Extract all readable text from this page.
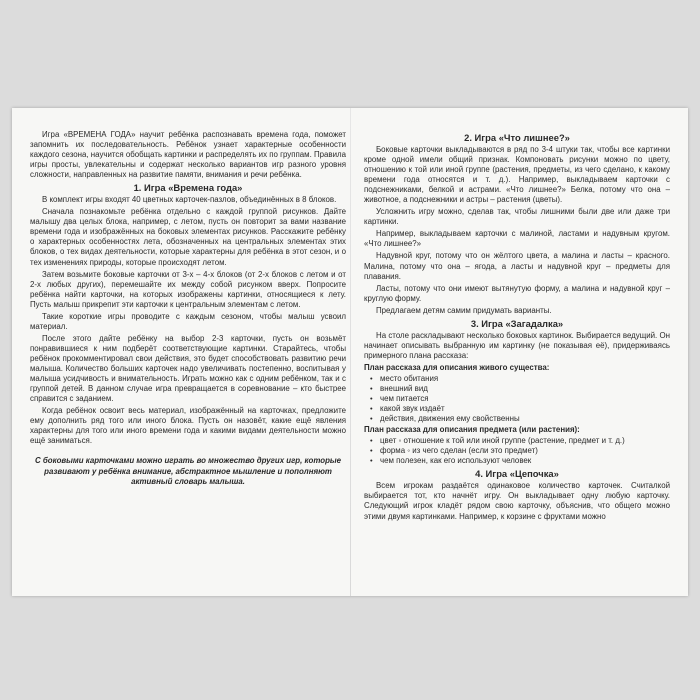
Игра «ВРЕМЕНА ГОДА» научит ребёнка распознавать времена года, поможет запомнить их последовательность. Ребёнок узнает характерные особенности каждого сезона, научится обобщать картинки и распределять их по группам. Правила игры просты, увлекательны и содержат несколько вариантов игр разного уровня сложности, направленных на развитие памяти, внимания и речи ребёнка.

1. Игра «Времена года»

В комплект игры входят 40 цветных карточек-пазлов, объединённых в 8 блоков.

Сначала познакомьте ребёнка отдельно с каждой группой рисунков. Дайте малышу два целых блока, например, с летом, пусть он повторит за вами название времени года и изображённых на боковых элементах рисунков. Расскажите ребёнку о характерных особенностях лета, обозначенных на центральных элементах этих блоков, о тех видах деятельности, которые характерны для ребёнка в этот сезон, и о тех изменениях природы, которые происходят летом.

Затем возьмите боковые карточки от 3-х – 4-х блоков (от 2-х блоков с летом и от 2-х любых других), перемешайте их между собой рисунком вверх. Попросите ребёнка найти карточки, на которых изображены картинки, относящиеся к лету. Пусть малыш прикрепит эти карточки к центральным элементам с летом.

Такие короткие игры проводите с каждым сезоном, чтобы малыш усвоил материал.

После этого дайте ребёнку на выбор 2-3 карточки, пусть он возьмёт понравившиеся к ним подберёт соответствующие картинки. Старайтесь, чтобы ребёнок прокомментировал свои действия, это будет способствовать развитию речи малыша. Количество больших карточек надо увеличивать постепенно, воспитывая у малыша усидчивость и внимательность. Играть можно как с одним ребёнком, так и с группой детей. В данном случае игра превращается в соревнование – кто быстрее справится с заданием.

Когда ребёнок освоит весь материал, изображённый на карточках, предложите ему дополнить ряд того или иного блока. Пусть он назовёт, какие ещё явления характерны для того или иного времени года и какими видами деятельности можно ещё заниматься.

С боковыми карточками можно играть во множество других игр, которые развивают у ребёнка внимание, абстрактное мышление и пополняют активный словарь малыша.

2. Игра «Что лишнее?»

Боковые карточки выкладываются в ряд по 3-4 штуки так, чтобы все картинки кроме одной имели общий признак. Компоновать рисунки можно по цвету, отношению к той или иной группе (растения, предметы, из чего сделано, к какому времени года относятся и т. д.). Например, выкладываем карточки с подснежниками, белкой и астрами. «Что лишнее?» Белка, потому что она – животное, а подснежники и астры – растения (цветы).

Усложнить игру можно, сделав так, чтобы лишними были две или даже три картинки.

Например, выкладываем карточки с малиной, ластами и надувным кругом. «Что лишнее?»

Надувной круг, потому что он жёлтого цвета, а малина и ласты – красного. Малина, потому что она – ягода, а ласты и надувной круг – предметы для плавания.

Ласты, потому что они имеют вытянутую форму, а малина и надувной круг – круглую форму.

Предлагаем детям самим придумать варианты.

3. Игра «Загадалка»

На столе раскладывают несколько боковых картинок. Выбирается ведущий. Он начинает описывать выбранную им картинку (не показывая её), придерживаясь примерного плана рассказа:

План рассказа для описания живого существа:

• место обитания
• внешний вид
• чем питается
• какой звук издаёт
• действия, движения ему свойственны

План рассказа для описания предмета (или растения):

• цвет ◦ отношение к той или иной группе (растение, предмет и т. д.)
• форма ◦ из чего сделан (если это предмет)
• чем полезен, как его используют человек
4. Игра «Цепочка»

Всем игрокам раздаётся одинаковое количество карточек. Считалкой выбирается тот, кто начнёт игру. Он выкладывает одну любую карточку. Следующий игрок кладёт рядом свою карточку, объяснив, что общего можно этими двумя картинками. Например, к корзине с фруктами можно
